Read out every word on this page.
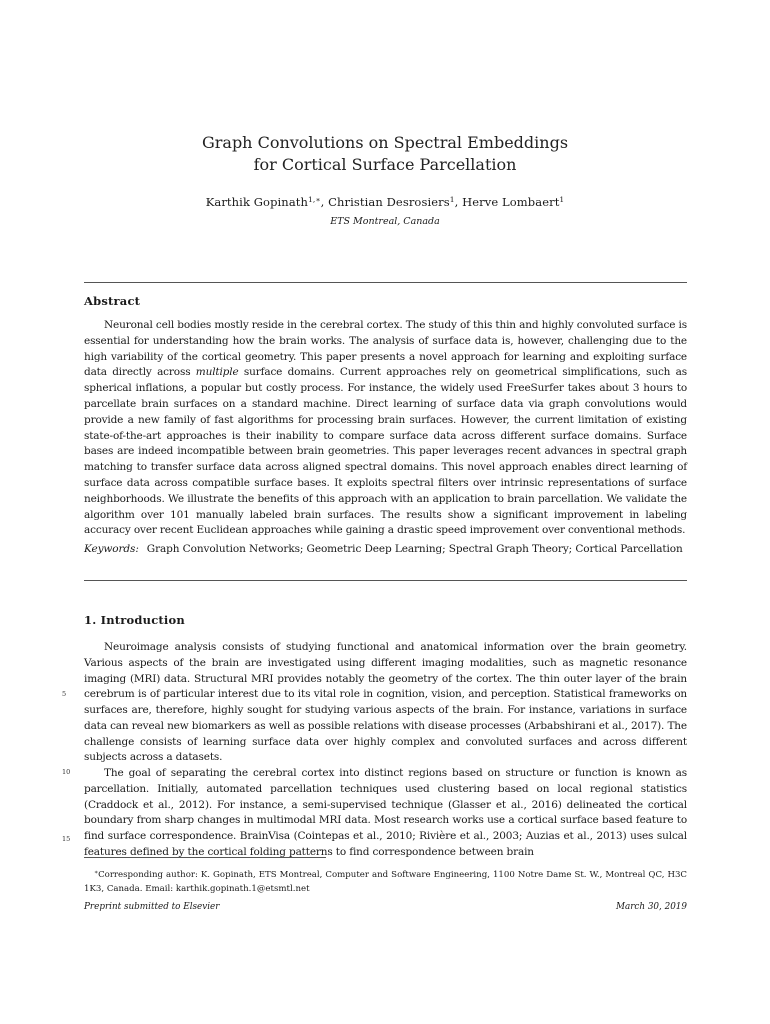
Graph Convolutions on Spectral Embeddings
for Cortical Surface Parcellation
Karthik Gopinath$^{1,∗}$, Christian Desrosiers$^1$, Herve Lombaert$^1$
ETS Montreal, Canada
Abstract
Neuronal cell bodies mostly reside in the cerebral cortex. The study of this thin and highly convoluted surface is essential for understanding how the brain works. The analysis of surface data is, however, challenging due to the high variability of the cortical geometry. This paper presents a novel approach for learning and exploiting surface data directly across multiple surface domains. Current approaches rely on geometrical simplifications, such as spherical inflations, a popular but costly process. For instance, the widely used FreeSurfer takes about 3 hours to parcellate brain surfaces on a standard machine. Direct learning of surface data via graph convolutions would provide a new family of fast algorithms for processing brain surfaces. However, the current limitation of existing state-of-the-art approaches is their inability to compare surface data across different surface domains. Surface bases are indeed incompatible between brain geometries. This paper leverages recent advances in spectral graph matching to transfer surface data across aligned spectral domains. This novel approach enables direct learning of surface data across compatible surface bases. It exploits spectral filters over intrinsic representations of surface neighborhoods. We illustrate the benefits of this approach with an application to brain parcellation. We validate the algorithm over 101 manually labeled brain surfaces. The results show a significant improvement in labeling accuracy over recent Euclidean approaches while gaining a drastic speed improvement over conventional methods.
Keywords: Graph Convolution Networks; Geometric Deep Learning; Spectral Graph Theory; Cortical Parcellation
1. Introduction

Neuroimage analysis consists of studying functional and anatomical information over the brain geometry. Various aspects of the brain are investigated using different imaging modalities, such as magnetic resonance imaging (MRI) data. Structural MRI provides notably the geometry of the cortex. The thin outer layer of the brain cerebrum is of particular interest due to its vital role in cognition, vision, and perception. Statistical frameworks on surfaces are, therefore, highly sought for studying various aspects of the brain. For instance, variations in surface data can reveal new biomarkers as well as possible relations with disease processes (Arbabshirani et al., 2017). The challenge consists of learning surface data over highly complex and convoluted surfaces and across different subjects across a datasets.

The goal of separating the cerebral cortex into distinct regions based on structure or function is known as parcellation. Initially, automated parcellation techniques used clustering based on local regional statistics (Craddock et al., 2012). For instance, a semi-supervised technique (Glasser et al., 2016) delineated the cortical boundary from sharp changes in multimodal MRI data. Most research works use a cortical surface based feature to find surface correspondence. BrainVisa (Cointepas et al., 2010; Rivière et al., 2003; Auzias et al., 2013) uses sulcal features defined by the cortical folding patterns to find correspondence between brain

5
10
15
∗Corresponding author: K. Gopinath, ETS Montreal, Computer and Software Engineering, 1100 Notre Dame St. W., Montreal QC, H3C 1K3, Canada. Email: karthik.gopinath.1@etsmtl.net
Preprint submitted to Elsevier	March 30, 2019
